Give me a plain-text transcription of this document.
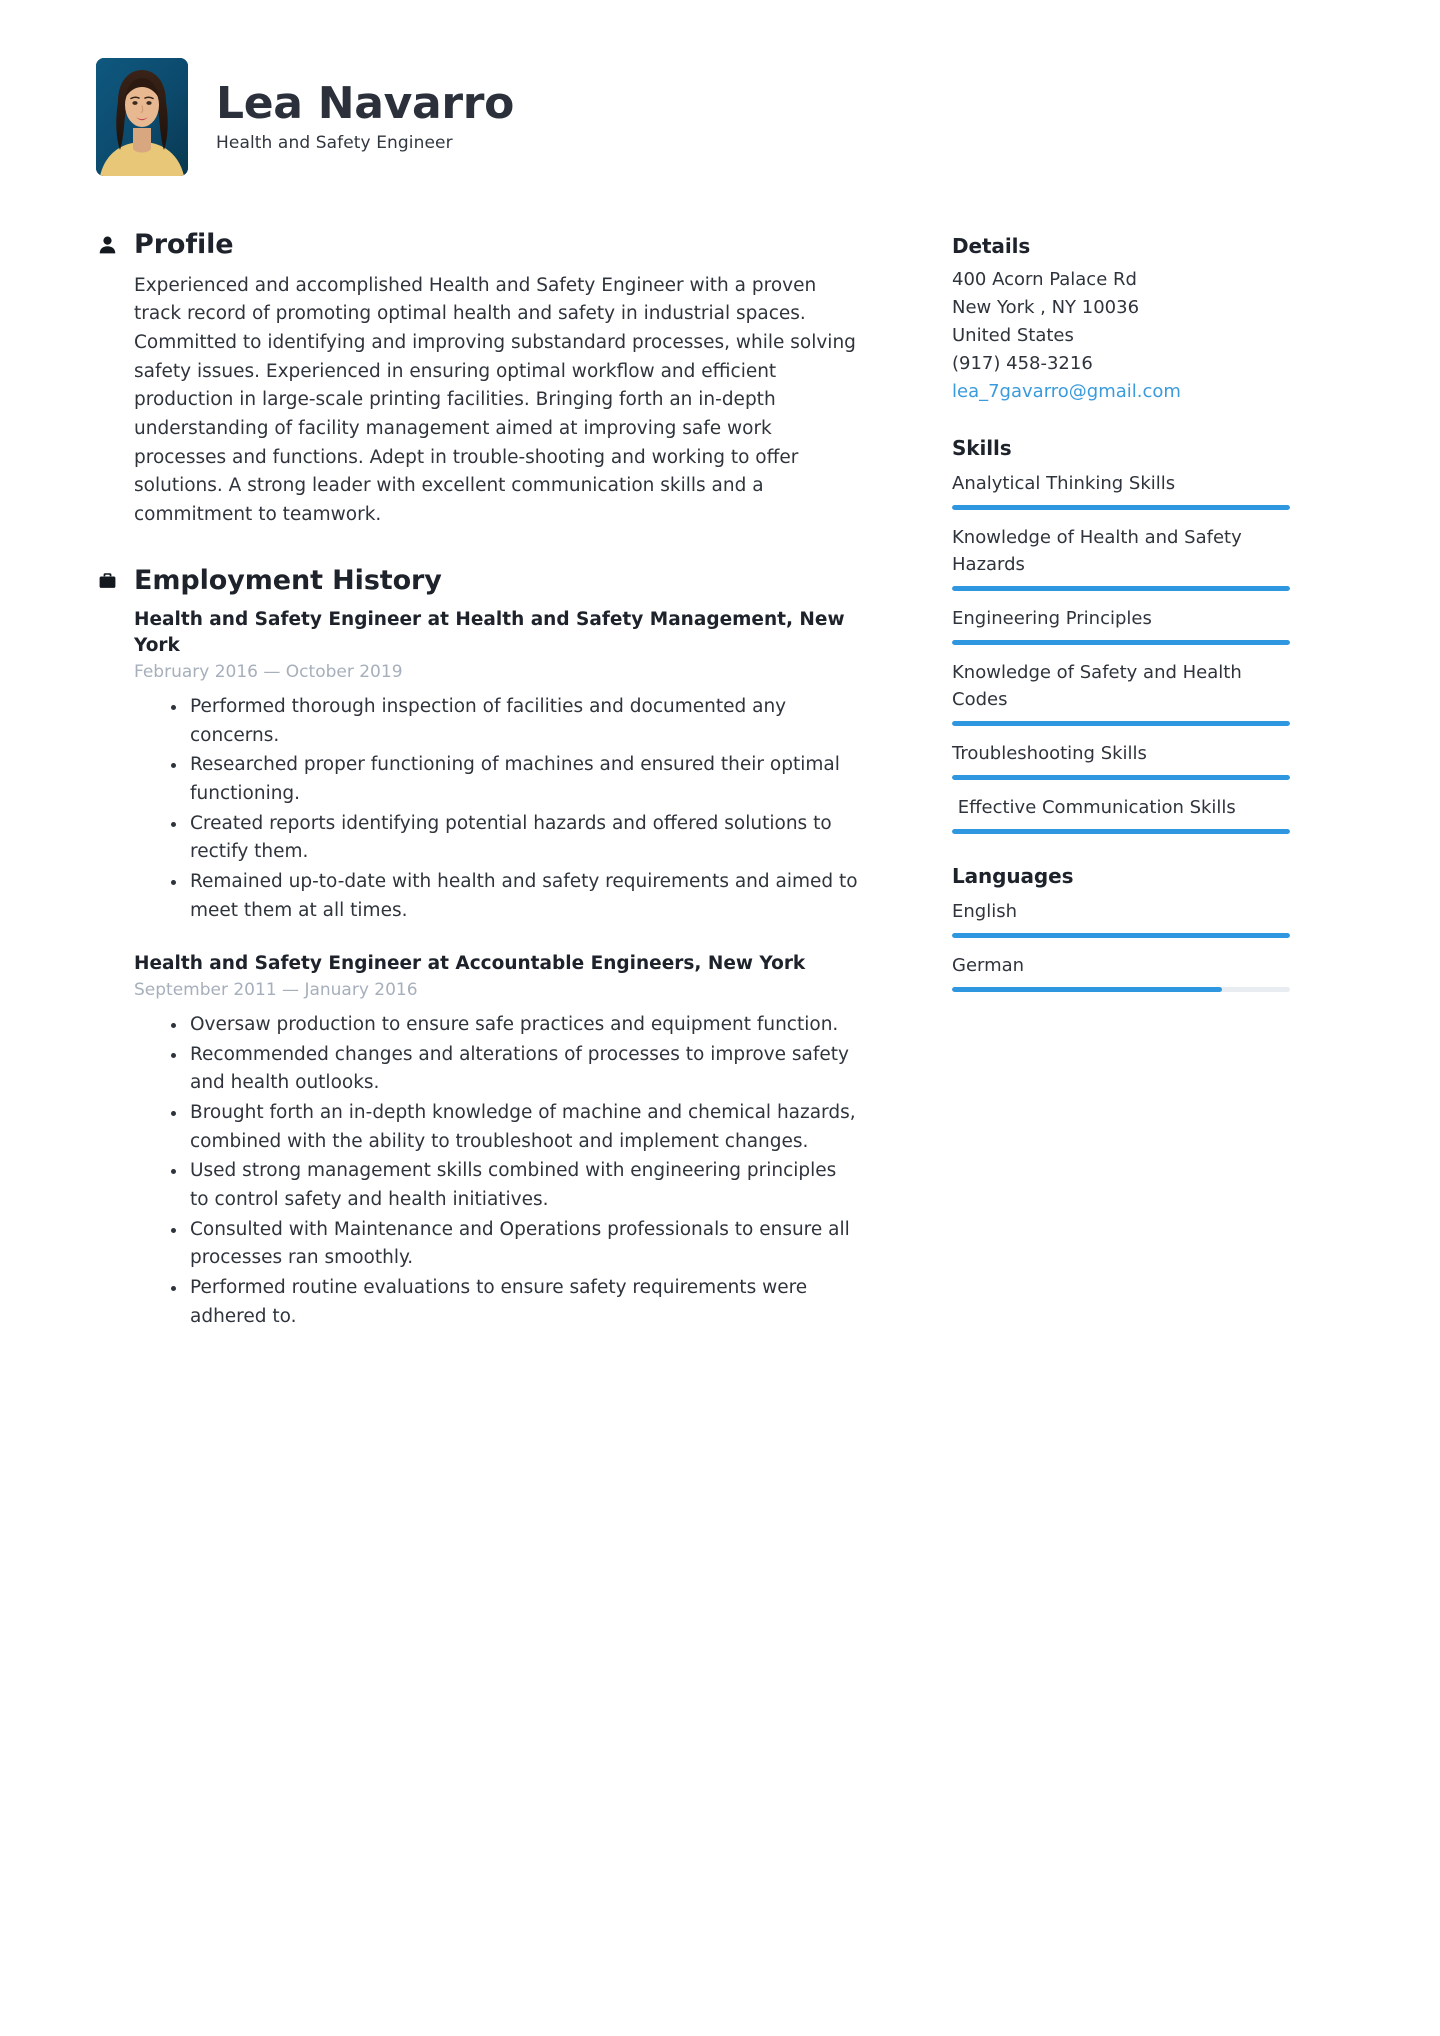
Lea Navarro
Health and Safety Engineer
Profile
Experienced and accomplished Health and Safety Engineer with a proven track record of promoting optimal health and safety in industrial spaces. Committed to identifying and improving substandard processes, while solving safety issues. Experienced in ensuring optimal workflow and efficient production in large-scale printing facilities. Bringing forth an in-depth understanding of facility management aimed at improving safe work processes and functions. Adept in trouble-shooting and working to offer solutions. A strong leader with excellent communication skills and a commitment to teamwork.
Employment History
Health and Safety Engineer at Health and Safety Management, New York
February 2016 — October 2019
Performed thorough inspection of facilities and documented any concerns.
Researched proper functioning of machines and ensured their optimal functioning.
Created reports identifying potential hazards and offered solutions to rectify them.
Remained up-to-date with health and safety requirements and aimed to meet them at all times.
Health and Safety Engineer at Accountable Engineers, New York
September 2011 — January 2016
Oversaw production to ensure safe practices and equipment function.
Recommended changes and alterations of processes to improve safety and health outlooks.
Brought forth an in-depth knowledge of machine and chemical hazards, combined with the ability to troubleshoot and implement changes.
Used strong management skills combined with engineering principles to control safety and health initiatives.
Consulted with Maintenance and Operations professionals to ensure all processes ran smoothly.
Performed routine evaluations to ensure safety requirements were adhered to.
Details
400 Acorn Palace Rd
New York , NY 10036
United States
(917) 458-3216
lea_7gavarro@gmail.com
Skills
Analytical Thinking Skills
Knowledge of Health and Safety Hazards
Engineering Principles
Knowledge of Safety and Health Codes
Troubleshooting Skills
Effective Communication Skills
Languages
English
German
